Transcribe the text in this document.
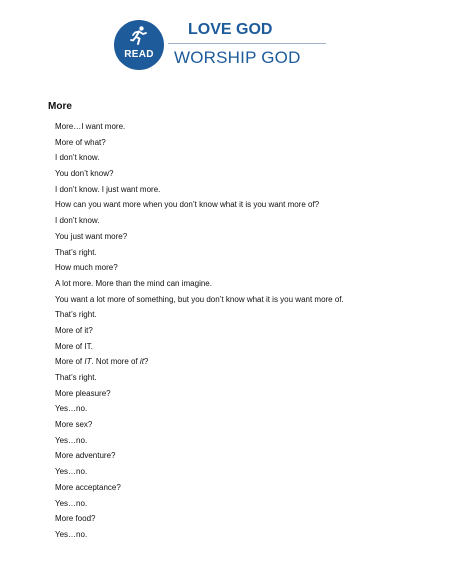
READ
LOVE GOD
WORSHIP GOD
More
More…I want more.
More of what?
I don’t know.
You don’t know?
I don’t know. I just want more.
How can you want more when you don’t know what it is you want more of?
I don’t know.
You just want more?
That’s right.
How much more?
A lot more. More than the mind can imagine.
You want a lot more of something, but you don’t know what it is you want more of.
That’s right.
More of it?
More of IT.
More of IT. Not more of it?
That’s right.
More pleasure?
Yes…no.
More sex?
Yes…no.
More adventure?
Yes…no.
More acceptance?
Yes…no.
More food?
Yes…no.
